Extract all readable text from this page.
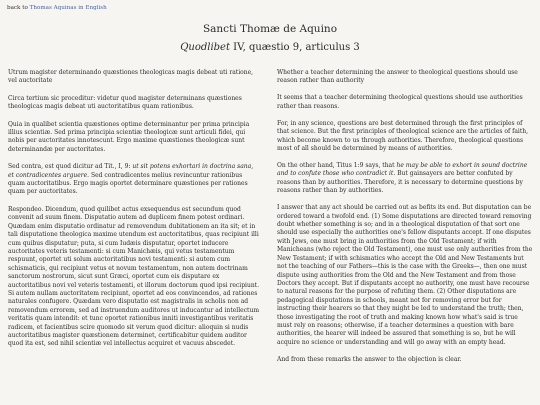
back to Thomas Aquinas in English
Sancti Thomæ de Aquino
Quodlibet IV, quæstio 9, articulus 3

Utrum magister determinando quæstiones theologicas magis debeat uti ratione, vel auctoritate

Circa tertium sic proceditur: videtur quod magister determinans quæstiones theologicas magis debeat uti auctoritatibus quam rationibus.

Quia in qualibet scientia quæstiones optime determinantur per prima principia illius scientiæ. Sed prima principia scientiæ theologicæ sunt articuli fidei, qui nobis per auctoritates innotescunt. Ergo maxime quæstiones theologicæ sunt determinandæ per auctoritates.

Sed contra, est quod dicitur ad Tit., I, 9: ut sit potens exhortari in doctrina sana, et contradicentes arguere. Sed contradicentes melius revincuntur rationibus quam auctoritatibus. Ergo magis oportet determinare quæstiones per rationes quam per auctoritates.

Respondeo. Dicendum, quod quilibet actus exsequendus est secundum quod convenit ad suum finem. Disputatio autem ad duplicem finem potest ordinari. Quædam enim disputatio ordinatur ad removendum dubitationem an ita sit; et in tali disputatione theologica maxime utendum est auctoritatibus, quas recipiunt illi cum quibus disputatur; puta, si cum Iudæis disputatur, oportet inducere auctoritates veteris testamenti: si cum Manichæis, qui vetus testamentum respuunt, oportet uti solum auctoritatibus novi testamenti: si autem cum schismaticis, qui recipiunt vetus et novum testamentum, non autem doctrinam sanctorum nostrorum, sicut sunt Græci, oportet cum eis disputare ex auctoritatibus novi vel veteris testamenti, et illorum doctorum quod ipsi recipiunt. Si autem nullam auctoritatem recipiunt, oportet ad eos convincendos, ad rationes naturales confugere. Quædam vero disputatio est magistralis in scholis non ad removendum errorem, sed ad instruendum auditores ut inducantur ad intellectum veritatis quam intendit: et tunc oportet rationibus inniti investigantibus veritatis radicem, et facientibus scire quomodo sit verum quod dicitur: alioquin si nudis auctoritatibus magister quæstionem determinet, certificabitur quidem auditor quod ita est, sed nihil scientiæ vel intellectus acquiret et vacuus abscedet.

Whether a teacher determining the answer to theological questions should use reason rather than authority

It seems that a teacher determining theological questions should use authorities rather than reasons.

For, in any science, questions are best determined through the first principles of that science. But the first principles of theological science are the articles of faith, which become known to us through authorities. Therefore, theological questions most of all should be determined by means of authorities.

On the other hand, Titus 1:9 says, that he may be able to exhort in sound doctrine and to confute those who contradict it. But gainsayers are better confuted by reasons than by authorities. Therefore, it is necessary to determine questions by reasons rather than by authorities.

I answer that any act should be carried out as befits its end. But disputation can be ordered toward a twofold end. (1) Some disputations are directed toward removing doubt whether something is so; and in a theological disputation of that sort one should use especially the authorities one's fellow disputants accept. If one disputes with Jews, one must bring in authorities from the Old Testament; if with Manicheans (who reject the Old Testament), one must use only authorities from the New Testament; if with schismatics who accept the Old and New Testaments but not the teaching of our Fathers—this is the case with the Greeks—, then one must dispute using authorities from the Old and the New Testament and from those Doctors they accept. But if disputants accept no authority, one must have recourse to natural reasons for the purpose of refuting them. (2) Other disputations are pedagogical disputations in schools, meant not for removing error but for instructing their hearers so that they might be led to understand the truth; then, those investigating the root of truth and making known how what's said is true must rely on reasons; otherwise, if a teacher determines a question with bare authorities, the hearer will indeed be assured that something is so, but he will acquire no science or understanding and will go away with an empty head.

And from these remarks the answer to the objection is clear.
